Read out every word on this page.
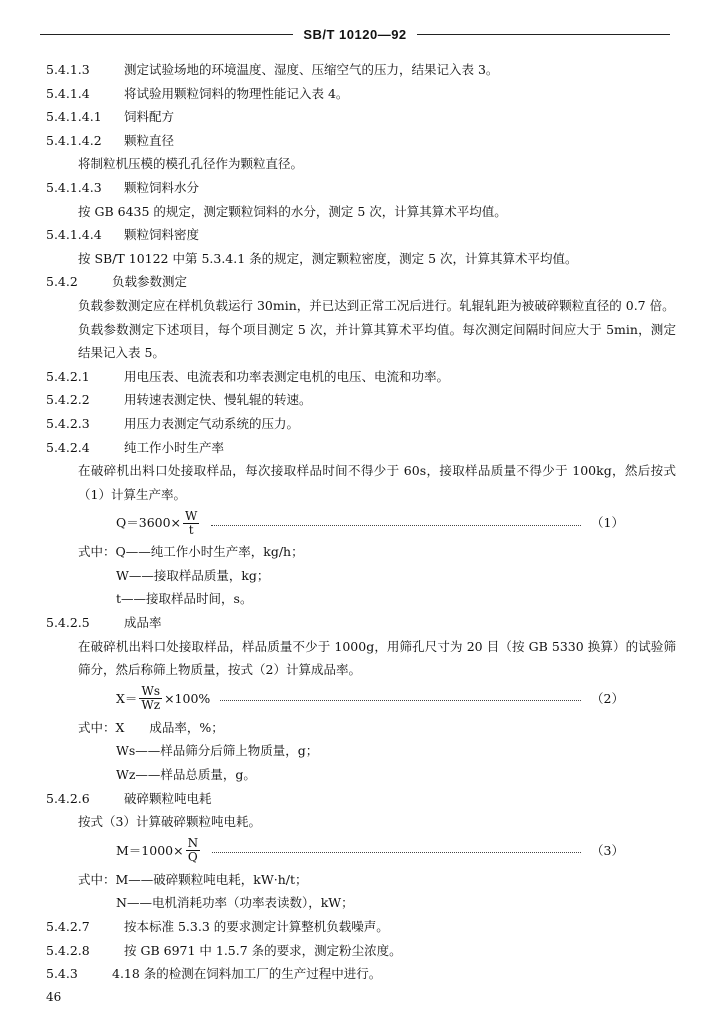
SB/T 10120—92
5.4.1.3	测定试验场地的环境温度、湿度、压缩空气的压力，结果记入表 3。
5.4.1.4	将试验用颗粒饲料的物理性能记入表 4。
5.4.1.4.1 饲料配方
5.4.1.4.2 颗粒直径
将制粒机压模的模孔孔径作为颗粒直径。
5.4.1.4.3 颗粒饲料水分
按 GB 6435 的规定，测定颗粒饲料的水分，测定 5 次，计算其算术平均值。
5.4.1.4.4 颗粒饲料密度
按 SB/T 10122 中第 5.3.4.1 条的规定，测定颗粒密度，测定 5 次，计算其算术平均值。
5.4.2	负载参数测定
负载参数测定应在样机负载运行 30min，并已达到正常工况后进行。轧辊轧距为被破碎颗粒直径的 0.7 倍。
负载参数测定下述项目，每个项目测定 5 次，并计算其算术平均值。每次测定间隔时间应大于 5min，测定结果记入表 5。
5.4.2.1	用电压表、电流表和功率表测定电机的电压、电流和功率。
5.4.2.2	用转速表测定快、慢轧辊的转速。
5.4.2.3	用压力表测定气动系统的压力。
5.4.2.4	纯工作小时生产率
在破碎机出料口处接取样品，每次接取样品时间不得少于 60s，接取样品质量不得少于 100kg，然后按式（1）计算生产率。
$Q=3600\times \frac{W}{t}$	（1）
式中：Q——纯工作小时生产率，kg/h；
W——接取样品质量，kg；
t——接取样品时间，s。
5.4.2.5	成品率
在破碎机出料口处接取样品，样品质量不少于 1000g，用筛孔尺寸为 20 目（按 GB 5330 换算）的试验筛筛分，然后称筛上物质量，按式（2）计算成品率。
$X= \frac{Ws}{Wz} \times 100\%$	（2）
式中：X　　成品率，%；
Ws——样品筛分后筛上物质量，g；
Wz——样品总质量，g。
5.4.2.6	破碎颗粒吨电耗
按式（3）计算破碎颗粒吨电耗。
$M=1000\times \frac{N}{Q}$	（3）
式中：M——破碎颗粒吨电耗，kW·h/t；
N——电机消耗功率（功率表读数），kW；
5.4.2.7	按本标准 5.3.3 的要求测定计算整机负载噪声。
5.4.2.8	按 GB 6971 中 1.5.7 条的要求，测定粉尘浓度。
5.4.3	4.18 条的检测在饲料加工厂的生产过程中进行。
46
